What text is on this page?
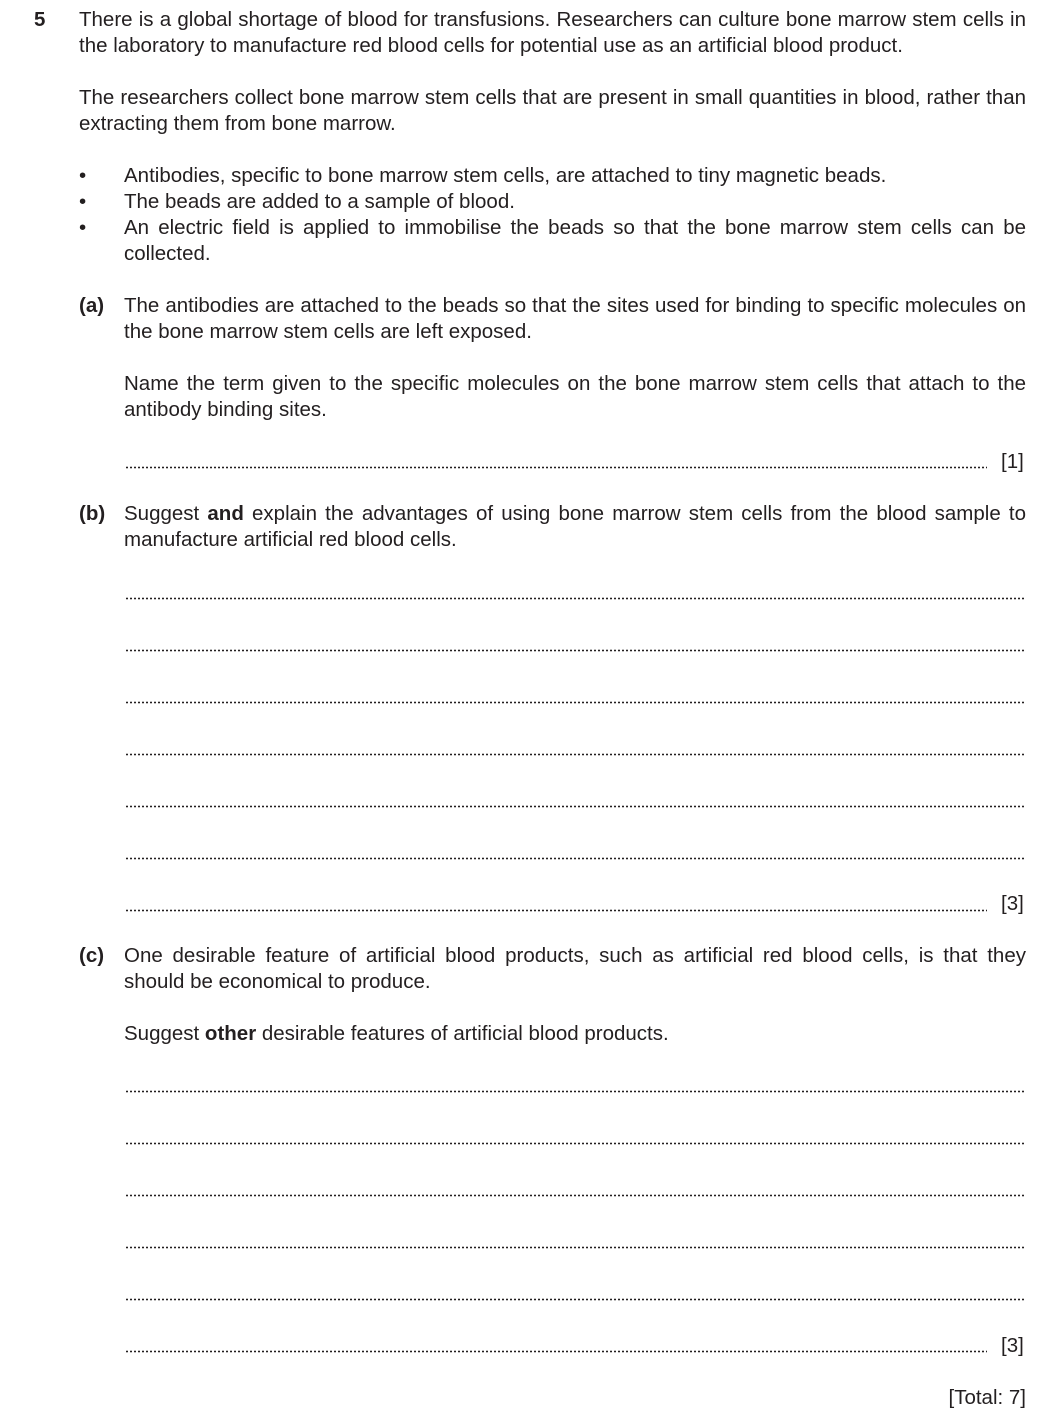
5 There is a global shortage of blood for transfusions. Researchers can culture bone marrow stem cells in the laboratory to manufacture red blood cells for potential use as an artificial blood product.
The researchers collect bone marrow stem cells that are present in small quantities in blood, rather than extracting them from bone marrow.
•	Antibodies, specific to bone marrow stem cells, are attached to tiny magnetic beads.
•	The beads are added to a sample of blood.
•	An electric field is applied to immobilise the beads so that the bone marrow stem cells can be collected.
(a) The antibodies are attached to the beads so that the sites used for binding to specific molecules on the bone marrow stem cells are left exposed.
Name the term given to the specific molecules on the bone marrow stem cells that attach to the antibody binding sites.
[1]
(b) Suggest and explain the advantages of using bone marrow stem cells from the blood sample to manufacture artificial red blood cells.
[3]
(c) One desirable feature of artificial blood products, such as artificial red blood cells, is that they should be economical to produce.
Suggest other desirable features of artificial blood products.
[3]
[Total: 7]
